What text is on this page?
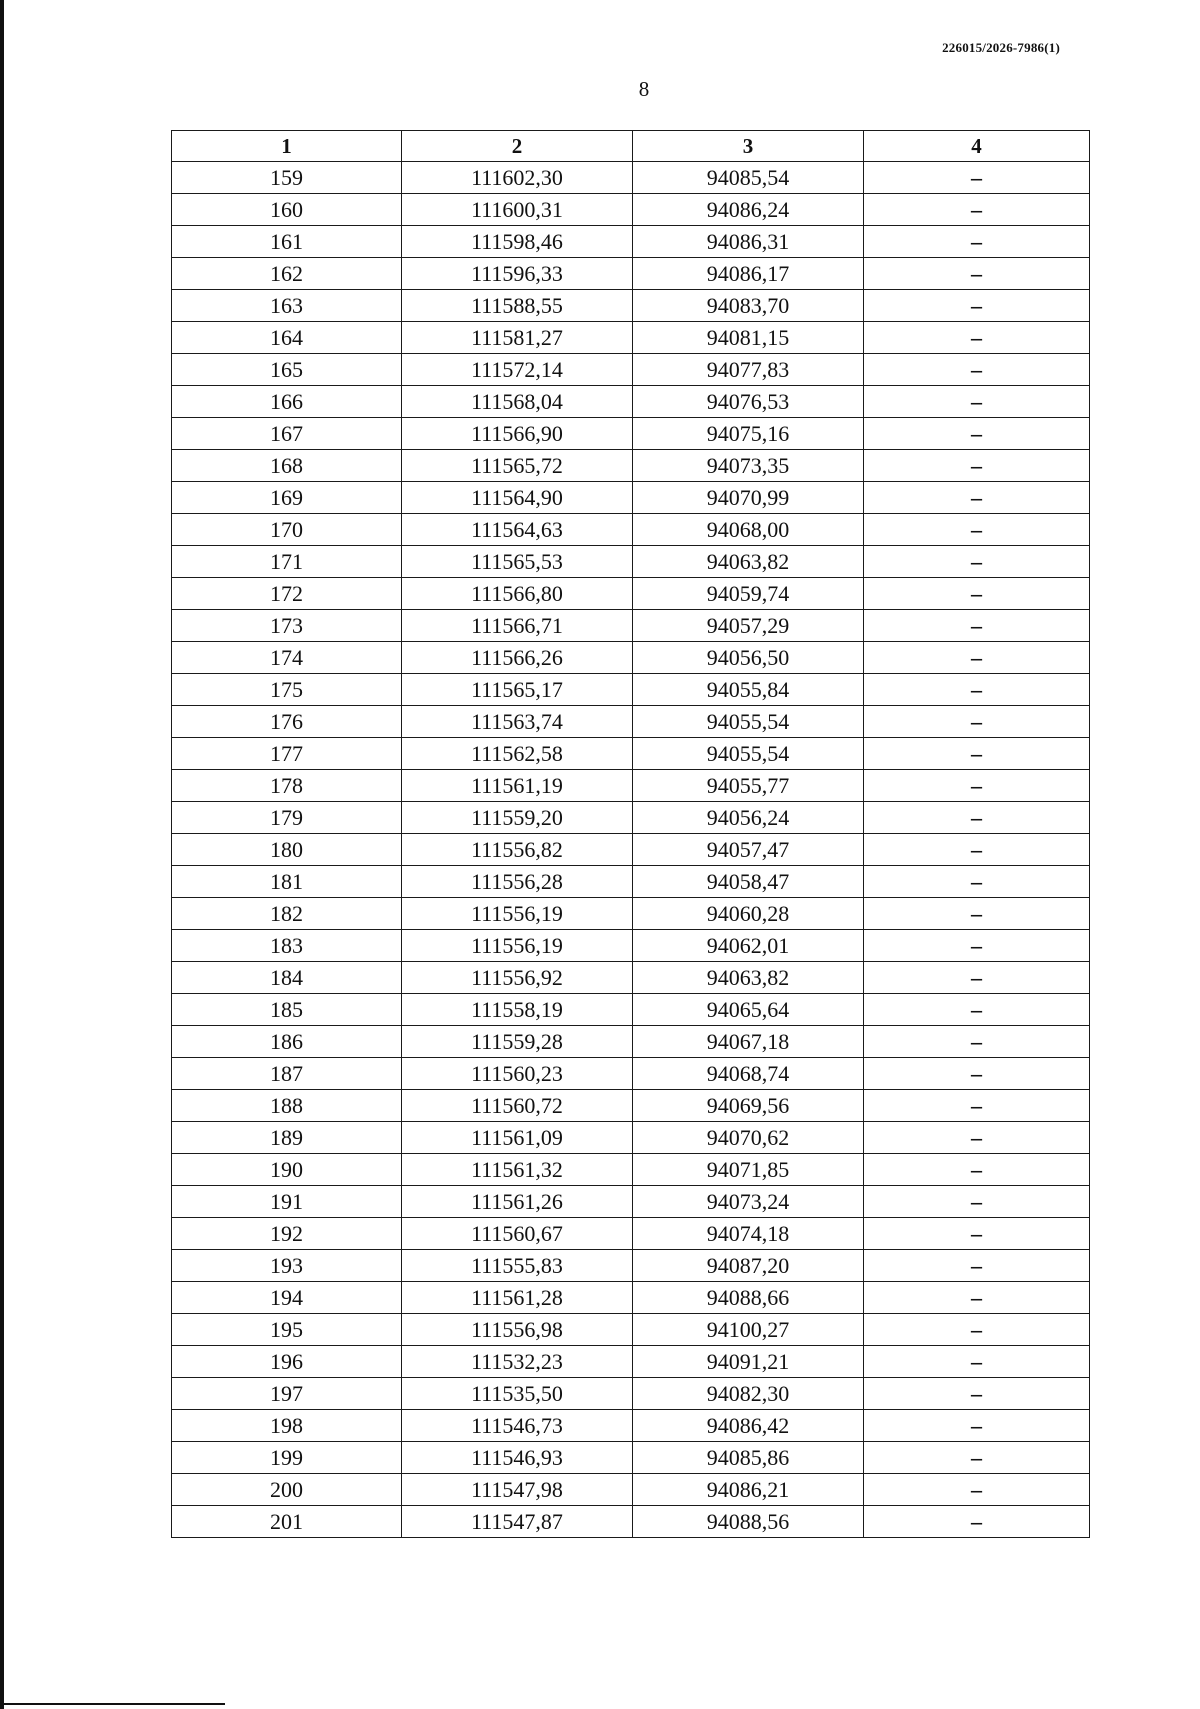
226015/2026-7986(1)
8
1	2	3	4
159	111602,30	94085,54	–
160	111600,31	94086,24	–
161	111598,46	94086,31	–
162	111596,33	94086,17	–
163	111588,55	94083,70	–
164	111581,27	94081,15	–
165	111572,14	94077,83	–
166	111568,04	94076,53	–
167	111566,90	94075,16	–
168	111565,72	94073,35	–
169	111564,90	94070,99	–
170	111564,63	94068,00	–
171	111565,53	94063,82	–
172	111566,80	94059,74	–
173	111566,71	94057,29	–
174	111566,26	94056,50	–
175	111565,17	94055,84	–
176	111563,74	94055,54	–
177	111562,58	94055,54	–
178	111561,19	94055,77	–
179	111559,20	94056,24	–
180	111556,82	94057,47	–
181	111556,28	94058,47	–
182	111556,19	94060,28	–
183	111556,19	94062,01	–
184	111556,92	94063,82	–
185	111558,19	94065,64	–
186	111559,28	94067,18	–
187	111560,23	94068,74	–
188	111560,72	94069,56	–
189	111561,09	94070,62	–
190	111561,32	94071,85	–
191	111561,26	94073,24	–
192	111560,67	94074,18	–
193	111555,83	94087,20	–
194	111561,28	94088,66	–
195	111556,98	94100,27	–
196	111532,23	94091,21	–
197	111535,50	94082,30	–
198	111546,73	94086,42	–
199	111546,93	94085,86	–
200	111547,98	94086,21	–
201	111547,87	94088,56	–
